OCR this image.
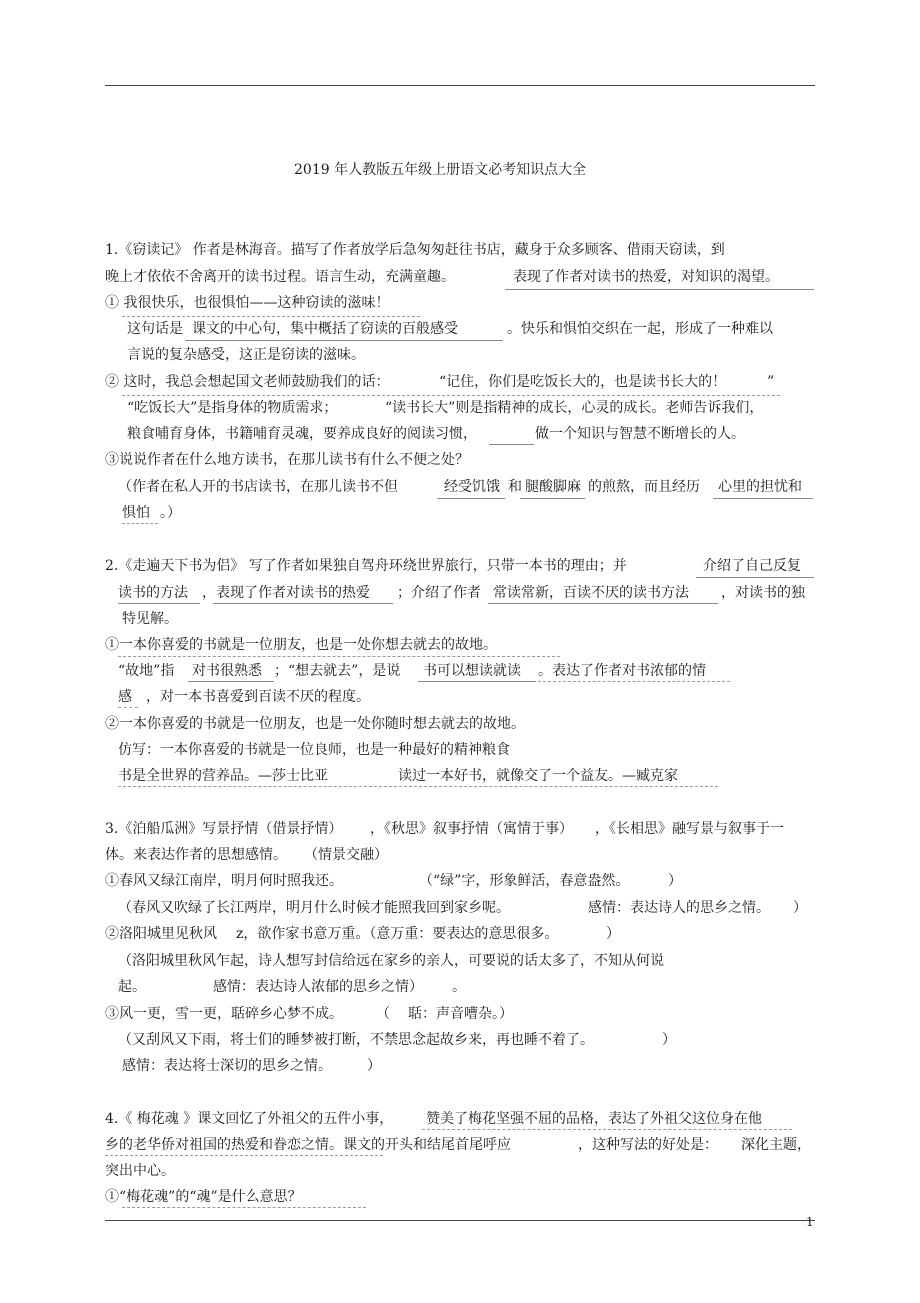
2019 年人教版五年级上册语文必考知识点大全
1.《窃读记》 作者是林海音。描写了作者放学后急匆匆赶往书店，藏身于众多顾客、借雨天窃读，到
晚上才依依不舍离开的读书过程。语言生动，充满童趣。	表现了作者对读书的热爱，对知识的渴望。
① 我很快乐，也很惧怕——这种窃读的滋味！
这句话是 课文的中心句，集中概括了窃读的百般感受	。快乐和惧怕交织在一起，形成了一种难以
言说的复杂感受，这正是窃读的滋味。
② 这时，我总会想起国文老师鼓励我们的话：	“记住，你们是吃饭长大的，也是读书长大的！	”
“吃饭长大”是指身体的物质需求；	“读书长大”则是指精神的成长，心灵的成长。老师告诉我们，
粮食哺育身体，书籍哺育灵魂，要养成良好的阅读习惯，	做一个知识与智慧不断增长的人。
③说说作者在什么地方读书，在那儿读书有什么不便之处？
（作者在私人开的书店读书，在那儿读书不但	经受饥饿 和 腿酸脚麻 的煎熬，而且经历 心里的担忧和
惧怕 。）
2.《走遍天下书为侣》 写了作者如果独自驾舟环绕世界旅行，只带一本书的理由；并	介绍了自己反复
读书的方法 ，表现了作者对读书的热爱 ；介绍了作者 常读常新，百读不厌的读书方法 ，对读书的独
特见解。
①一本你喜爱的书就是一位朋友，也是一处你想去就去的故地。
“故地”指 对书很熟悉 ；“想去就去”，是说 书可以想读就读 。表达了作者对书浓郁的情
感 ，对一本书喜爱到百读不厌的程度。
②一本你喜爱的书就是一位朋友，也是一处你随时想去就去的故地。
仿写：一本你喜爱的书就是一位良师，也是一种最好的精神粮食
书是全世界的营养品。—莎士比亚	读过一本好书，就像交了一个益友。—臧克家
3.《泊船瓜洲》写景抒情（借景抒情） ，《秋思》叙事抒情（寓情于事） ，《长相思》融写景与叙事于一
体。来表达作者的思想感情。 （情景交融）
①春风又绿江南岸，明月何时照我还。	（“绿”字，形象鲜活，春意盎然。	）
（春风又吹绿了长江两岸，明月什么时候才能照我回到家乡呢。	感情：表达诗人的思乡之情。 ）
②洛阳城里见秋风 z，欲作家书意万重。（意万重：要表达的意思很多。	）
（洛阳城里秋风乍起，诗人想写封信给远在家乡的亲人，可要说的话太多了，不知从何说
起。	感情：表达诗人浓郁的思乡之情） 。
③风一更，雪一更，聒碎乡心梦不成。 （ 聒：声音嘈杂。）
（又刮风又下雨，将士们的睡梦被打断，不禁思念起故乡来，再也睡不着了。	）
感情：表达将士深切的思乡之情。	）
4.《 梅花魂 》课文回忆了外祖父的五件小事， 赞美了梅花坚强不屈的品格，表达了外祖父这位身在他
乡的老华侨对祖国的热爱和眷恋之情。课文的开头和结尾首尾呼应	，这种写法的好处是： 深化主题，
突出中心。
①“梅花魂”的“魂”是什么意思？
1
